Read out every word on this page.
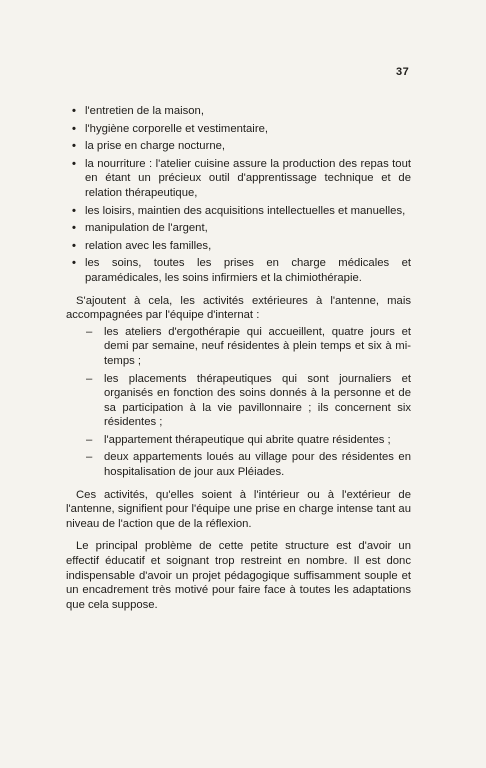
37
• l'entretien de la maison,
• l'hygiène corporelle et vestimentaire,
• la prise en charge nocturne,
• la nourriture : l'atelier cuisine assure la production des repas tout en étant un précieux outil d'apprentissage technique et de relation thérapeutique,
• les loisirs, maintien des acquisitions intellectuelles et manuelles,
• manipulation de l'argent,
• relation avec les familles,
• les soins, toutes les prises en charge médicales et paramédicales, les soins infirmiers et la chimiothérapie.

S'ajoutent à cela, les activités extérieures à l'antenne, mais accompagnées par l'équipe d'internat :

– les ateliers d'ergothérapie qui accueillent, quatre jours et demi par semaine, neuf résidentes à plein temps et six à mi-temps ;
– les placements thérapeutiques qui sont journaliers et organisés en fonction des soins donnés à la personne et de sa participation à la vie pavillonnaire ; ils concernent six résidentes ;
– l'appartement thérapeutique qui abrite quatre résidentes ;
– deux appartements loués au village pour des résidentes en hospitalisation de jour aux Pléiades.

Ces activités, qu'elles soient à l'intérieur ou à l'extérieur de l'antenne, signifient pour l'équipe une prise en charge intense tant au niveau de l'action que de la réflexion.

Le principal problème de cette petite structure est d'avoir un effectif éducatif et soignant trop restreint en nombre. Il est donc indispensable d'avoir un projet pédagogique suffisamment souple et un encadrement très motivé pour faire face à toutes les adaptations que cela suppose.
